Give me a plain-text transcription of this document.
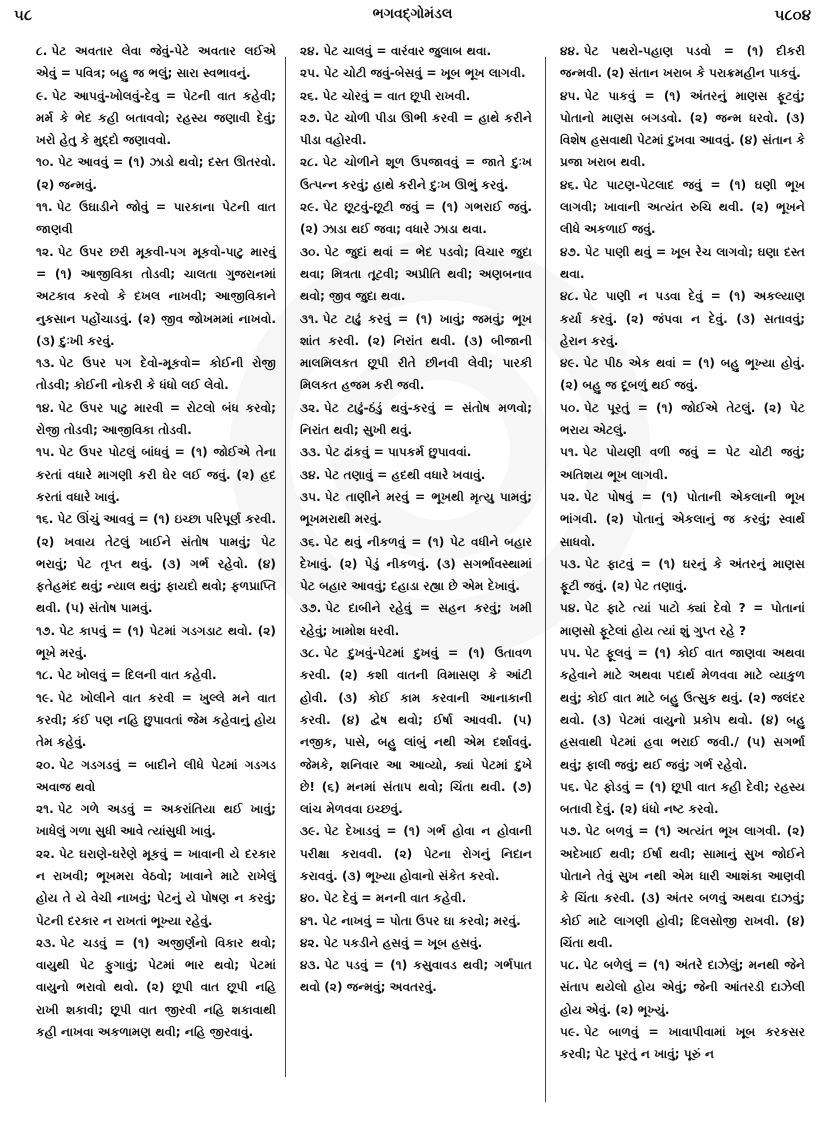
૫૮	ભગવદ્ગોમંડલ	૫૮૦૪

૮. પેટ અવતાર લેવા જેવું-પેટે અવતાર લઈએ એવું = પવિત્ર; બહુ જ ભલું; સારા સ્વભાવનું.

૯. પેટ આપવું-ખોલવું-દેવુ = પેટની વાત કહેવી; મર્મ કે ભેદ કહી બતાવવો; રહસ્ય જણાવી દેવું; ખરો હેતુ કે મુદ્દો જણાવવો.

૧૦. પેટ આવવું = (૧) ઝાડો થવો; દસ્ત ઊતરવો. (૨) જન્મવું.

૧૧. પેટ ઉઘાડીને જોવું = પારકાના પેટની વાત જાણવી

૧૨. પેટ ઉપર છરી મૂકવી-પગ મૂકવો-પાટુ મારવું = (૧) આજીવિકા તોડવી; ચાલતા ગુજરાનમાં અટકાવ કરવો કે દખલ નાખવી; આજીવિકાને નુકસાન પહોંચાડવું. (૨) જીવ જોખમમાં નાખવો. (૩) દુઃખી કરવું.

૧૩. પેટ ઉપર પગ દેવો-મૂકવો= કોઈની રોજી તોડવી; કોઈની નોકરી કે ધંધો લઈ લેવો.

૧૪. પેટ ઉપર પાટુ મારવી = રોટલો બંધ કરવો; રોજી તોડવી; આજીવિકા તોડવી.

૧૫. પેટ ઉપર પોટલું બાંધવું = (૧) જોઈએ તેના કરતાં વધારે માગણી કરી ઘેર લઈ જવું. (૨) હદ કરતાં વધારે ખાવું.

૧૬. પેટ ઊંચું આવવું = (૧) ઇચ્છા પરિપૂર્ણ કરવી. (૨) ખવાય તેટલું ખાઈને સંતોષ પામવું; પેટ ભરાવું; પેટ તૃપ્ત થવું. (૩) ગર્ભ રહેવો. (૪) ફતેહમંદ થવું; ન્યાલ થવું; ફાયદો થવો; ફળપ્રાપ્તિ થવી. (૫) સંતોષ પામવું.

૧૭. પેટ કાપવું = (૧) પેટમાં ગડગડાટ થવો. (૨) ભૂખે મરવું.

૧૮. પેટ ખોલવું = દિલની વાત કહેવી.

૧૯. પેટ ખોલીને વાત કરવી = ખુલ્લે મને વાત કરવી; કંઈ પણ નહિ છુપાવતાં જેમ કહેવાનું હોય તેમ કહેવું.

૨૦. પેટ ગડગડવું = બાદીને લીધે પેટમાં ગડગડ અવાજ થવો

૨૧. પેટ ગળે અડવું = અકરાંતિયા થઈ ખાવું; ખાધેલું ગળા સુધી આવે ત્યાંસુધી ખાવું.

૨૨. પેટ ઘરાણે-ઘરેણે મૂકવું = ખાવાની યે દરકાર ન રાખવી; ભૂખમરા વેઠવો; ખાવાને માટે રાખેલું હોય તે યે વેચી નાખવું; પેટનું યે પોષણ ન કરવું; પેટની દરકાર ન રાખતાં ભૂખ્યા રહેવું.

૨૩. પેટ ચડવું = (૧) અજીર્ણનો વિકાર થવો; વાયુથી પેટ ફુગાવું; પેટમાં ભાર થવો; પેટમાં વાયુનો ભરાવો થવો. (૨) છૂપી વાત છૂપી નહિ રાખી શકાવી; છૂપી વાત જીરવી નહિ શકાવાથી કહી નાખવા અકળામણ થવી; નહિ જીરવાવું.

૨૪. પેટ ચાલવું = વારંવાર જુલાબ થવા.

૨૫. પેટ ચોટી જવું-બેસવું = ખૂબ ભૂખ લાગવી.

૨૬. પેટ ચોરવું = વાત છૂપી રાખવી.

૨૭. પેટ ચોળી પીડા ઊભી કરવી = હાથે કરીને પીડા વહોરવી.

૨૮. પેટ ચોળીને શૂળ ઉપજાવવું = જાતે દુઃખ ઉત્પન્ન કરવું; હાથે કરીને દુઃખ ઊભું કરવું.

૨૯. પેટ છૂટવું-છૂટી જવું = (૧) ગભરાઈ જવું. (૨) ઝાડા થઈ જવા; વધારે ઝાડા થવા.

૩૦. પેટ જુદાં થવાં = ભેદ પડવો; વિચાર જુદા થવા; મિત્રતા તૂટવી; અપ્રીતિ થવી; અણબનાવ થવો; જીવ જુદા થવા.

૩૧. પેટ ટાઢું કરવું = (૧) ખાવું; જમવું; ભૂખ શાંત કરવી. (૨) નિરાંત થવી. (૩) બીજાની માલમિલકત છૂપી રીતે છીનવી લેવી; પારકી મિલકત હજમ કરી જવી.

૩૨. પેટ ટાઢું-ઠંડું થવું-કરવું = સંતોષ મળવો; નિરાંત થવી; સુખી થવું.

૩૩. પેટ ઢાંકવું = પાપકર્મ છુપાવવાં.

૩૪. પેટ તણાવું = હદથી વધારે ખવાવું.

૩૫. પેટ તાણીને મરવું = ભૂખથી મૃત્યુ પામવું; ભૂખમરાથી મરવું.

૩૬. પેટ થવું નીકળવું = (૧) પેટ વધીને બહાર દેખાવું. (૨) પેડું નીકળવું. (૩) સગર્ભાવસ્થામાં પેટ બહાર આવવું; દહાડા રહ્યા છે એમ દેખાવું.

૩૭. પેટ દાબીને રહેવું = સહન કરવું; ખમી રહેવું; ખામોશ ધરવી.

૩૮. પેટ દુખવું-પેટમાં દુખવું = (૧) ઉતાવળ કરવી. (૨) કશી વાતની વિમાસણ કે આંટી હોવી. (૩) કોઈ કામ કરવાની આનાકાની કરવી. (૪) દ્વેષ થવો; ઈર્ષા આવવી. (૫) નજીક, પાસે, બહુ લાંબું નથી એમ દર્શાવવું. જેમકે, શનિવાર આ આવ્યો, ક્યાં પેટમાં દુખે છે! (૬) મનમાં સંતાપ થવો; ચિંતા થવી. (૭) લાંચ મેળવવા ઇચ્છવું.

૩૯. પેટ દેખાડવું = (૧) ગર્ભ હોવા ન હોવાની પરીક્ષા કરાવવી. (૨) પેટના રોગનું નિદાન કરાવવું. (૩) ભૂખ્યા હોવાનો સંકેત કરવો.

૪૦. પેટ દેવું = મનની વાત કહેવી.

૪૧. પેટ નાખવું = પોતા ઉપર ઘા કરવો; મરવું.

૪૨. પેટ પકડીને હસવું = ખૂબ હસવું.

૪૩. પેટ પડવું = (૧) કસુવાવડ થવી; ગર્ભપાત થવો (૨) જન્મવું; અવતરવું.

૪૪. પેટ પથરો-પહાણ પડવો = (૧) દીકરી જન્મવી. (૨) સંતાન ખરાબ કે પરાક્રમહીન પાકવું.

૪૫. પેટ પાકવું = (૧) અંતરનું માણસ ફૂટવું; પોતાનો માણસ બગડવો. (૨) જન્મ ધરવો. (૩) વિશેષ હસવાથી પેટમાં દુખવા આવવું. (૪) સંતાન કે પ્રજા ખરાબ થવી.

૪૬. પેટ પાટણ-પેટલાદ જવું = (૧) ઘણી ભૂખ લાગવી; ખાવાની અત્યંત રુચિ થવી. (૨) ભૂખને લીધે અકળાઈ જવું.

૪૭. પેટ પાણી થવું = ખૂબ રેચ લાગવો; ઘણા દસ્ત થવા.

૪૮. પેટ પાણી ન પડવા દેવું = (૧) અકલ્યાણ કર્યા કરવું. (૨) જંપવા ન દેવું. (૩) સતાવવું; હેરાન કરવું.

૪૯. પેટ પીઠ એક થવાં = (૧) બહુ ભૂખ્યા હોવું. (૨) બહુ જ દૂબળું થઈ જવું.

૫૦. પેટ પૂરતું = (૧) જોઈએ તેટલું. (૨) પેટ ભરાય એટલું.

૫૧. પેટ પોયણી વળી જવું = પેટ ચોટી જવું; અતિશય ભૂખ લાગવી.

૫૨. પેટ પોષવું = (૧) પોતાની એકલાની ભૂખ ભાંગવી. (૨) પોતાનું એકલાનું જ કરવું; સ્વાર્થ સાધવો.

૫૩. પેટ ફાટવું = (૧) ઘરનું કે અંતરનું માણસ ફૂટી જવું. (૨) પેટ તણાવું.

૫૪. પેટ ફાટે ત્યાં પાટો ક્યાં દેવો ? = પોતાનાં માણસો ફૂટેલાં હોય ત્યાં શું ગુપ્ત રહે ?

૫૫. પેટ ફૂલવું = (૧) કોઈ વાત જાણવા અથવા કહેવાને માટે અથવા પદાર્થ મેળવવા માટે વ્યાકુળ થવું; કોઈ વાત માટે બહુ ઉત્સુક થવું. (૨) જલંદર થવો. (૩) પેટમાં વાયુનો પ્રકોપ થવો. (૪) બહુ હસવાથી પેટમાં હવા ભરાઈ જવી./ (૫) સગર્ભા થવું; ફાલી જવું; થઈ જવું; ગર્ભ રહેવો.

૫૬. પેટ ફોડવું = (૧) છૂપી વાત કહી દેવી; રહસ્ય બતાવી દેવું. (૨) ધંધો નષ્ટ કરવો.

૫૭. પેટ બળવું = (૧) અત્યંત ભૂખ લાગવી. (૨) અદેખાઈ થવી; ઈર્ષા થવી; સામાનું સુખ જોઈને પોતાને તેવું સુખ નથી એમ ધારી આશંકા આણવી કે ચિંતા કરવી. (૩) અંતર બળવું અથવા દાઝવું; કોઈ માટે લાગણી હોવી; દિલસોજી રાખવી. (૪) ચિંતા થવી.

૫૮. પેટ બળેલું = (૧) અંતરે દાઝેલું; મનથી જેને સંતાપ થયેલો હોય એવું; જેની આંતરડી દાઝેલી હોય એવું. (૨) ભૂખ્યું.

૫૯. પેટ બાળવું = ખાવાપીવામાં ખૂબ કરકસર કરવી; પેટ પૂરતું ન ખાવું; પૂરું ન
